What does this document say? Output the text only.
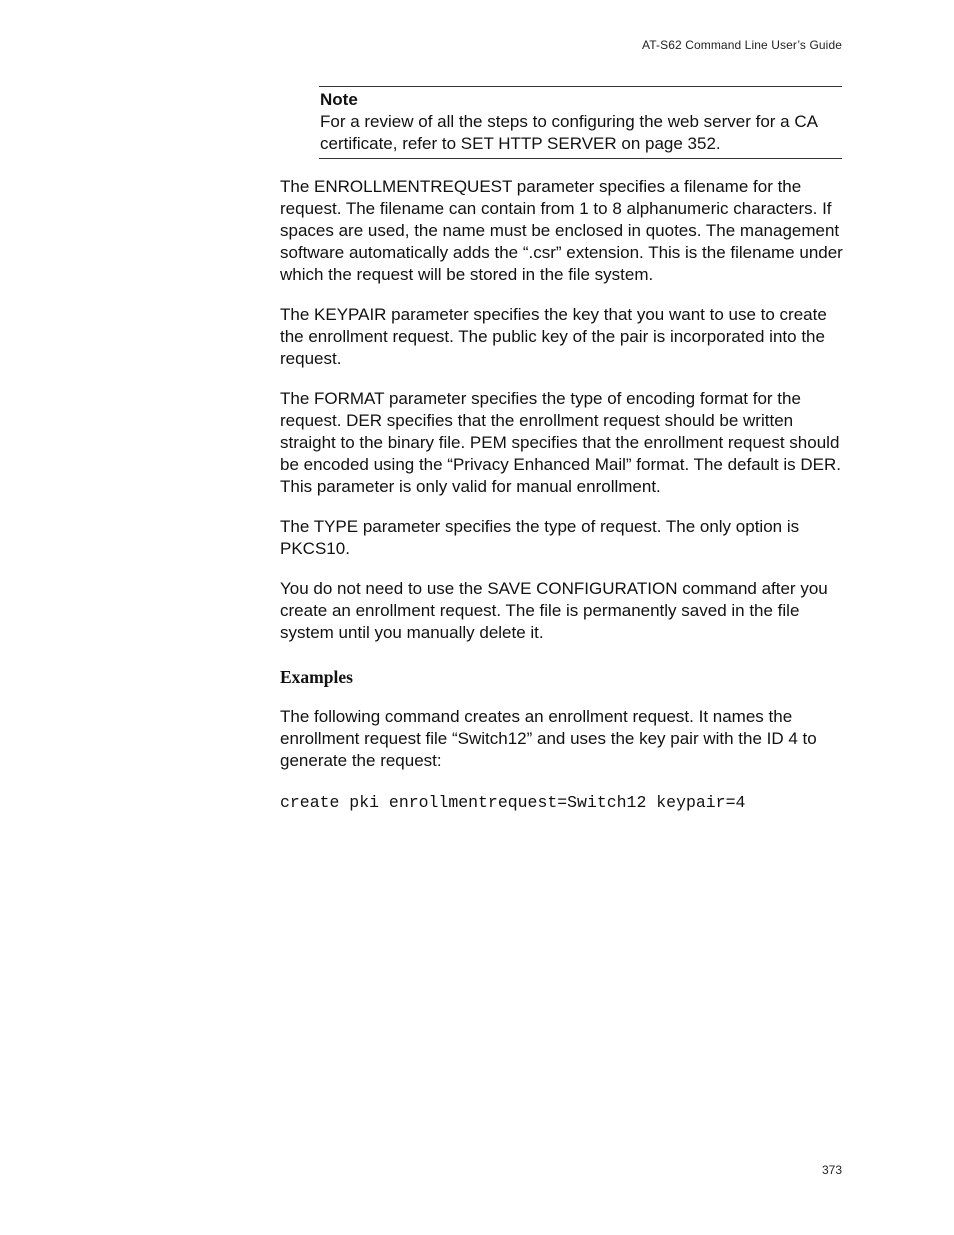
AT-S62 Command Line User’s Guide
Note
For a review of all the steps to configuring the web server for a CA certificate, refer to SET HTTP SERVER on page 352.

The ENROLLMENTREQUEST parameter specifies a filename for the request. The filename can contain from 1 to 8 alphanumeric characters. If spaces are used, the name must be enclosed in quotes. The management software automatically adds the “.csr” extension. This is the filename under which the request will be stored in the file system.

The KEYPAIR parameter specifies the key that you want to use to create the enrollment request. The public key of the pair is incorporated into the request.

The FORMAT parameter specifies the type of encoding format for the request. DER specifies that the enrollment request should be written straight to the binary file. PEM specifies that the enrollment request should be encoded using the “Privacy Enhanced Mail” format. The default is DER. This parameter is only valid for manual enrollment.

The TYPE parameter specifies the type of request. The only option is PKCS10.

You do not need to use the SAVE CONFIGURATION command after you create an enrollment request. The file is permanently saved in the file system until you manually delete it.

Examples

The following command creates an enrollment request. It names the enrollment request file “Switch12” and uses the key pair with the ID 4 to generate the request:

create pki enrollmentrequest=Switch12 keypair=4
373
